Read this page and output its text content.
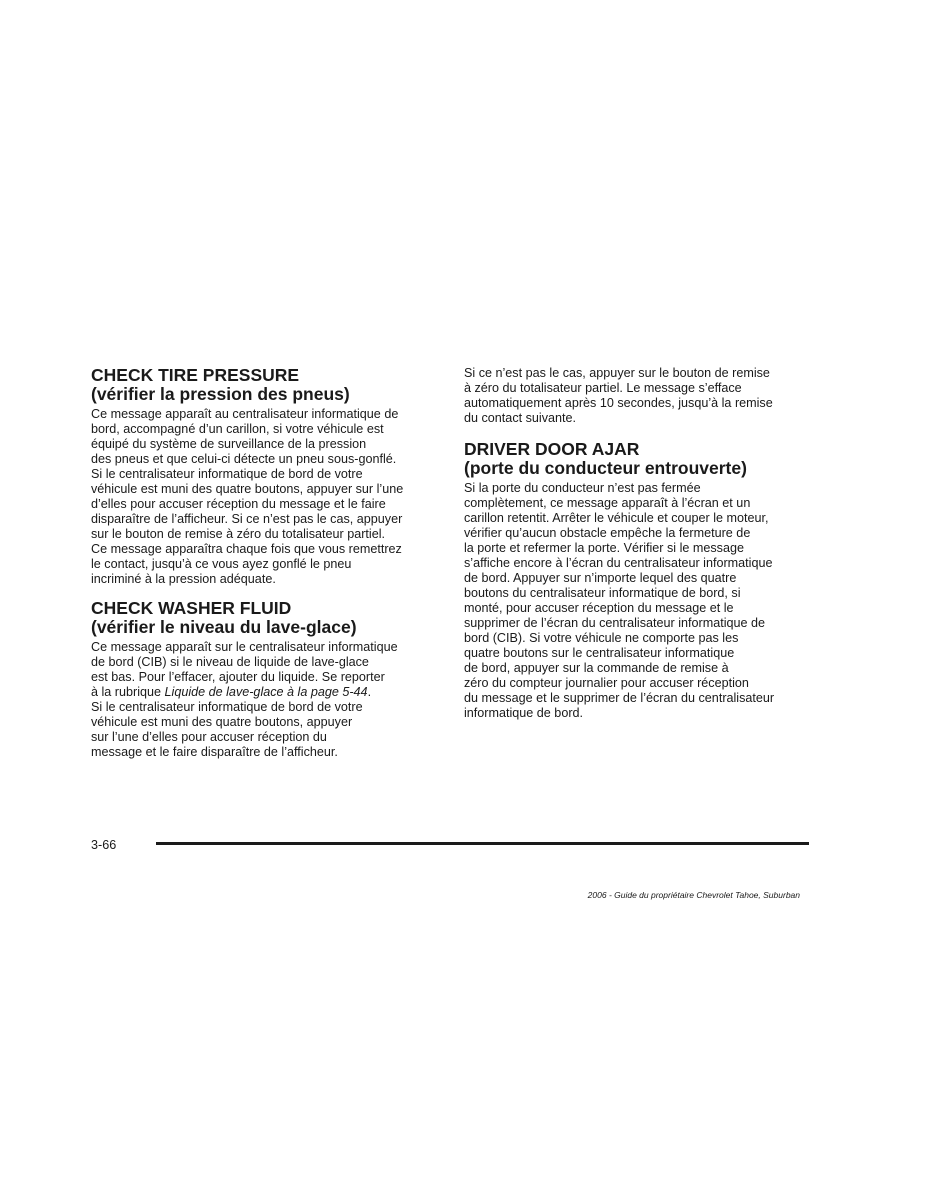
CHECK TIRE PRESSURE
(vérifier la pression des pneus)

Ce message apparaît au centralisateur informatique de
bord, accompagné d’un carillon, si votre véhicule est
équipé du système de surveillance de la pression
des pneus et que celui-ci détecte un pneu sous-gonflé.
Si le centralisateur informatique de bord de votre
véhicule est muni des quatre boutons, appuyer sur l’une
d’elles pour accuser réception du message et le faire
disparaître de l’afficheur. Si ce n’est pas le cas, appuyer
sur le bouton de remise à zéro du totalisateur partiel.
Ce message apparaîtra chaque fois que vous remettrez
le contact, jusqu’à ce vous ayez gonflé le pneu
incriminé à la pression adéquate.

CHECK WASHER FLUID
(vérifier le niveau du lave-glace)

Ce message apparaît sur le centralisateur informatique
de bord (CIB) si le niveau de liquide de lave-glace
est bas. Pour l’effacer, ajouter du liquide. Se reporter
à la rubrique Liquide de lave-glace à la page 5-44.
Si le centralisateur informatique de bord de votre
véhicule est muni des quatre boutons, appuyer
sur l’une d’elles pour accuser réception du
message et le faire disparaître de l’afficheur.

Si ce n’est pas le cas, appuyer sur le bouton de remise
à zéro du totalisateur partiel. Le message s’efface
automatiquement après 10 secondes, jusqu’à la remise
du contact suivante.

DRIVER DOOR AJAR
(porte du conducteur entrouverte)

Si la porte du conducteur n’est pas fermée
complètement, ce message apparaît à l’écran et un
carillon retentit. Arrêter le véhicule et couper le moteur,
vérifier qu’aucun obstacle empêche la fermeture de
la porte et refermer la porte. Vérifier si le message
s’affiche encore à l’écran du centralisateur informatique
de bord. Appuyer sur n’importe lequel des quatre
boutons du centralisateur informatique de bord, si
monté, pour accuser réception du message et le
supprimer de l’écran du centralisateur informatique de
bord (CIB). Si votre véhicule ne comporte pas les
quatre boutons sur le centralisateur informatique
de bord, appuyer sur la commande de remise à
zéro du compteur journalier pour accuser réception
du message et le supprimer de l’écran du centralisateur
informatique de bord.

3-66
2006 - Guide du propriétaire Chevrolet Tahoe, Suburban
